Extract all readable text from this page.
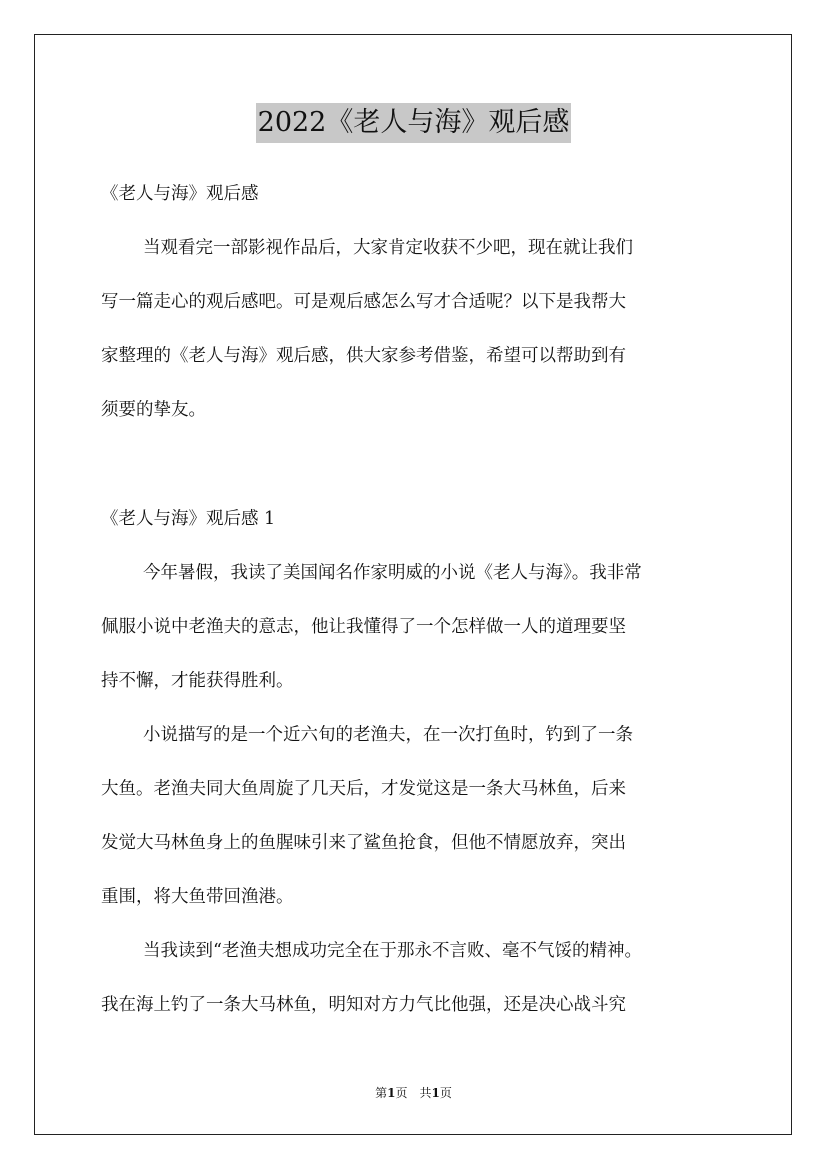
2022《老人与海》观后感
《老人与海》观后感
当观看完一部影视作品后，大家肯定收获不少吧，现在就让我们
写一篇走心的观后感吧。可是观后感怎么写才合适呢？以下是我帮大
家整理的《老人与海》观后感，供大家参考借鉴，希望可以帮助到有
须要的挚友。
《老人与海》观后感 1
今年暑假，我读了美国闻名作家明威的小说《老人与海》。我非常
佩服小说中老渔夫的意志，他让我懂得了一个怎样做一人的道理要坚
持不懈，才能获得胜利。
小说描写的是一个近六旬的老渔夫，在一次打鱼时，钓到了一条
大鱼。老渔夫同大鱼周旋了几天后，才发觉这是一条大马林鱼，后来
发觉大马林鱼身上的鱼腥味引来了鲨鱼抢食，但他不情愿放弃，突出
重围，将大鱼带回渔港。
当我读到“老渔夫想成功完全在于那永不言败、毫不气馁的精神。
我在海上钓了一条大马林鱼，明知对方力气比他强，还是决心战斗究
第1页　共1页
